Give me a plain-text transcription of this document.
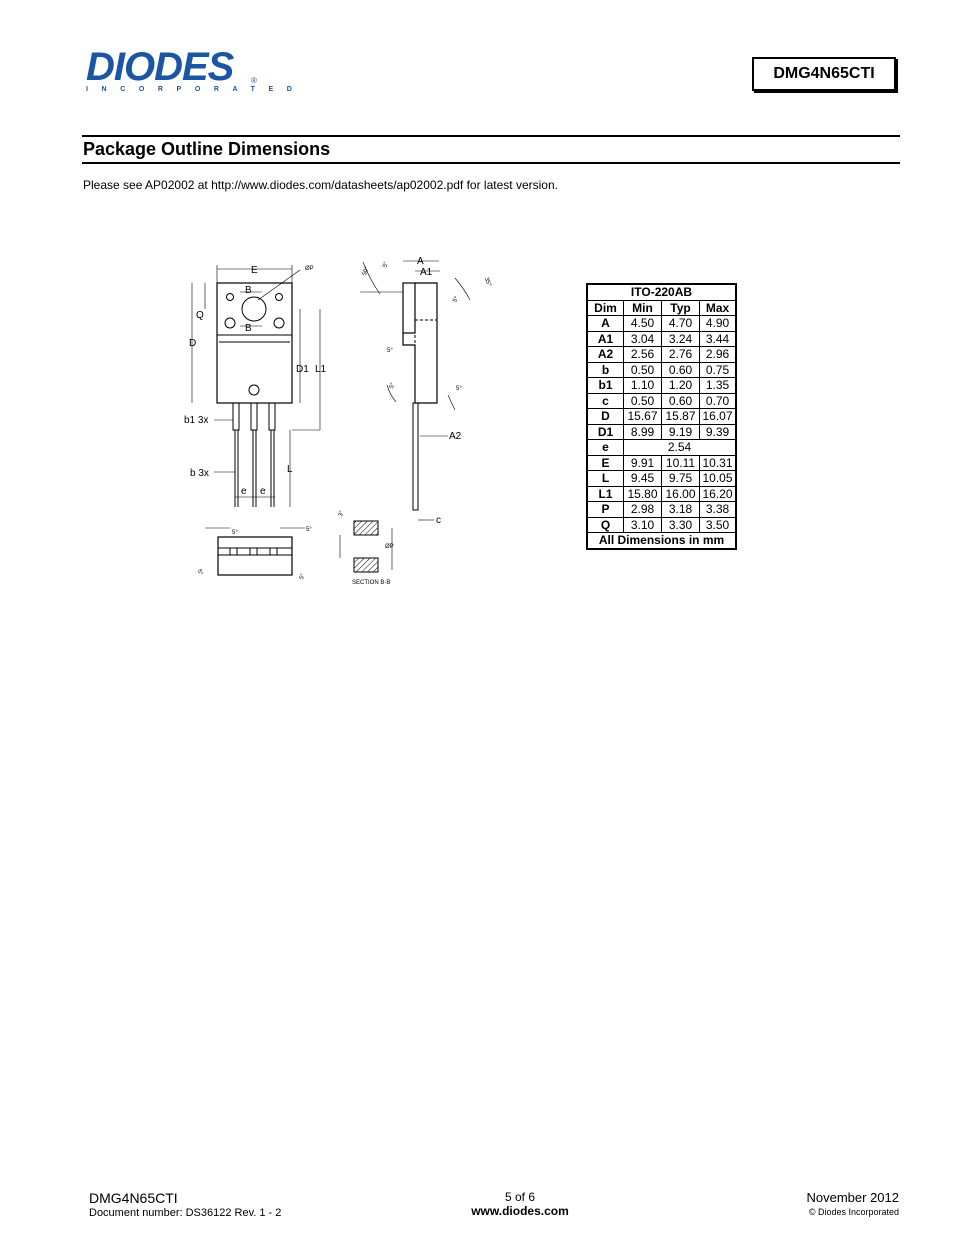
DIODES
INCORPORATED
®	DMG4N65CTI
Package Outline Dimensions
Please see AP02002 at http://www.diodes.com/datasheets/ap02002.pdf for latest version.
E	ØP
B
B
Q
D
D1 L1
b1 3x
b 3x	L
e e
A
A1
A2
c
50°
5°
35°
5°
5°
5°	5°
5°	5°
5°
5°
3°
ØP
SECTION B-B
ITO-220AB			
Dim	Min	Typ	Max
A	4.50	4.70	4.90
A1	3.04	3.24	3.44
A2	2.56	2.76	2.96
b	0.50	0.60	0.75
b1	1.10	1.20	1.35
c	0.50	0.60	0.70
D	15.67	15.87	16.07
D1	8.99	9.19	9.39
e	2.54		
E	9.91	10.11	10.31
L	9.45	9.75	10.05
L1	15.80	16.00	16.20
P	2.98	3.18	3.38
Q	3.10	3.30	3.50
All Dimensions in mm			
DMG4N65CTI
Document number: DS36122 Rev. 1 - 2
5 of 6
www.diodes.com
November 2012
© Diodes Incorporated
